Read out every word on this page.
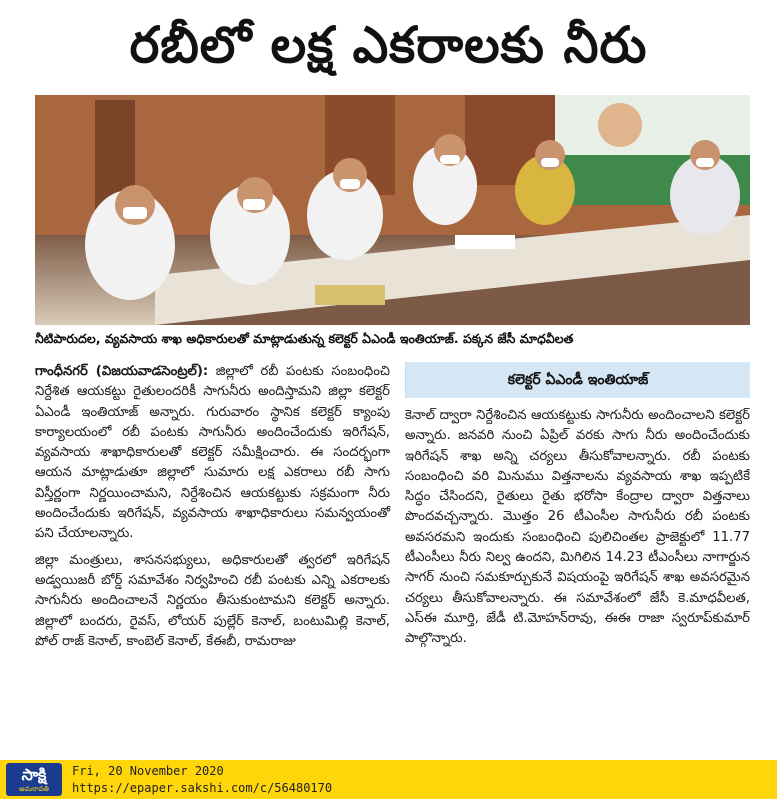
రబీలో లక్ష ఎకరాలకు నీరు
నీటిపారుదల, వ్యవసాయ శాఖ అధికారులతో మాట్లాడుతున్న కలెక్టర్ ఏఎండీ ఇంతియాజ్. పక్కన జేసీ మాధవీలత

గాంధీనగర్ (విజయవాడసెంట్రల్): జిల్లాలో రబీ పంటకు సంబంధించి నిర్దేశిత ఆయకట్టు రైతులందరికీ సాగునీరు అందిస్తామని జిల్లా కలెక్టర్ ఏఎండీ ఇంతియాజ్ అన్నారు. గురువారం స్థానిక కలెక్టర్ క్యాంపు కార్యాలయంలో రబీ పంటకు సాగునీరు అందించేందుకు ఇరిగేషన్, వ్యవసాయ శాఖాధికారులతో కలెక్టర్ సమీక్షించారు. ఈ సందర్భంగా ఆయన మాట్లాడుతూ జిల్లాలో సుమారు లక్ష ఎకరాలు రబీ సాగు విస్తీర్ణంగా నిర్ణయించామని, నిర్దేశించిన ఆయకట్టుకు సక్రమంగా నీరు అందించేందుకు ఇరిగేషన్, వ్యవసాయ శాఖాధికారులు సమన్వయంతో పని చేయాలన్నారు.

జిల్లా మంత్రులు, శాసనసభ్యులు, అధికారులతో త్వరలో ఇరిగేషన్ అడ్వయిజరీ బోర్డ్ సమావేశం నిర్వహించి రబీ పంటకు ఎన్ని ఎకరాలకు సాగునీరు అందించాలనే నిర్ణయం తీసుకుంటామని కలెక్టర్ అన్నారు. జిల్లాలో బందరు, రైవస్, లోయర్ పుల్లేర్ కెనాల్, బంటుమిల్లి కెనాల్, పోల్ రాజ్ కెనాల్, కాంబెల్ కెనాల్, కేఈబీ, రామరాజు

కలెక్టర్ ఏఎండీ ఇంతియాజ్

కెనాల్ ద్వారా నిర్దేశించిన ఆయకట్టుకు సాగునీరు అందించాలని కలెక్టర్ అన్నారు. జనవరి నుంచి ఏప్రిల్ వరకు సాగు నీరు అందించేందుకు ఇరిగేషన్ శాఖ అన్ని చర్యలు తీసుకోవాలన్నారు. రబీ పంటకు సంబంధించి వరి మినుము విత్తనాలను వ్యవసాయ శాఖ ఇప్పటికే సిద్ధం చేసిందని, రైతులు రైతు భరోసా కేంద్రాల ద్వారా విత్తనాలు పొందవచ్చన్నారు. మొత్తం 26 టీఎంసీల సాగునీరు రబీ పంటకు అవసరమని ఇందుకు సంబంధించి పులిచింతల ప్రాజెక్టులో 11.77 టీఎంసీలు నీరు నిల్వ ఉందని, మిగిలిన 14.23 టీఎంసీలు నాగార్జున సాగర్ నుంచి సమకూర్చుకునే విషయంపై ఇరిగేషన్ శాఖ అవసరమైన చర్యలు తీసుకోవాలన్నారు. ఈ సమావేశంలో జేసీ కె.మాధవీలత, ఎస్ఈ మూర్తి, జేడీ టి.మోహన్‌రావు, ఈఈ రాజా స్వరూప్‌కుమార్ పాల్గొన్నారు.

సాక్షి
అమరావతి
Fri, 20 November 2020
https://epaper.sakshi.com/c/56480170
